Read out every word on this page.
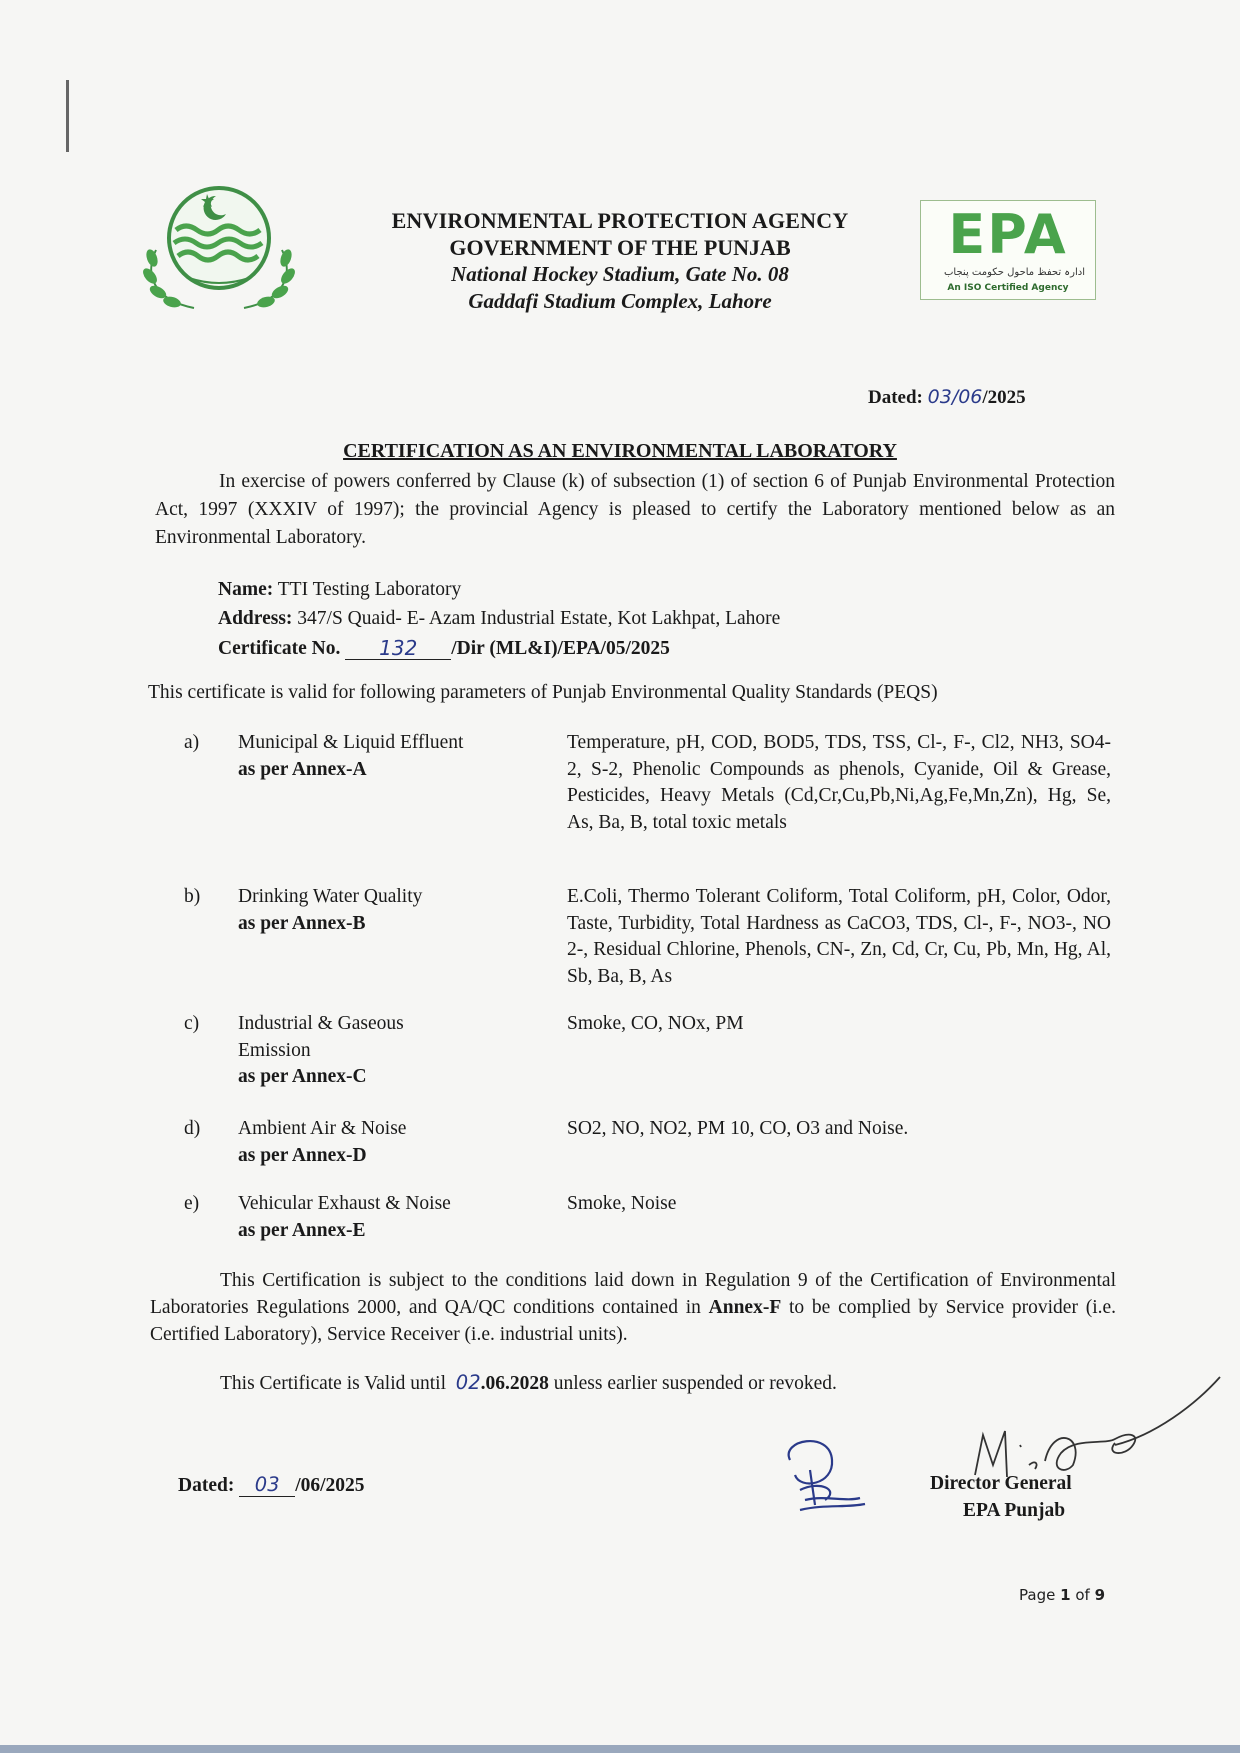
ENVIRONMENTAL PROTECTION AGENCY
GOVERNMENT OF THE PUNJAB
National Hockey Stadium, Gate No. 08
Gaddafi Stadium Complex, Lahore
EPA
ادارہ تحفظ ماحول حکومت پنجاب
An ISO Certified Agency
Dated: 03/06/2025
CERTIFICATION AS AN ENVIRONMENTAL LABORATORY
In exercise of powers conferred by Clause (k) of subsection (1) of section 6 of Punjab Environmental Protection Act, 1997 (XXXIV of 1997); the provincial Agency is pleased to certify the Laboratory mentioned below as an Environmental Laboratory.
Name: TTI Testing Laboratory
Address: 347/S Quaid- E- Azam Industrial Estate, Kot Lakhpat, Lahore
Certificate No. 132 /Dir (ML&I)/EPA/05/2025
This certificate is valid for following parameters of Punjab Environmental Quality Standards (PEQS)
a) Municipal & Liquid Effluent
as per Annex-A
Temperature, pH, COD, BOD5, TDS, TSS, Cl-, F-, Cl2, NH3, SO4-2, S-2, Phenolic Compounds as phenols, Cyanide, Oil & Grease, Pesticides, Heavy Metals (Cd,Cr,Cu,Pb,Ni,Ag,Fe,Mn,Zn), Hg, Se, As, Ba, B, total toxic metals
b) Drinking Water Quality
as per Annex-B
E.Coli, Thermo Tolerant Coliform, Total Coliform, pH, Color, Odor, Taste, Turbidity, Total Hardness as CaCO3, TDS, Cl-, F-, NO3-, NO 2-, Residual Chlorine, Phenols, CN-, Zn, Cd, Cr, Cu, Pb, Mn, Hg, Al, Sb, Ba, B, As
c) Industrial & Gaseous
Emission
as per Annex-C
Smoke, CO, NOx, PM
d) Ambient Air & Noise
as per Annex-D
SO2, NO, NO2, PM 10, CO, O3 and Noise.
e) Vehicular Exhaust & Noise
as per Annex-E
Smoke, Noise
This Certification is subject to the conditions laid down in Regulation 9 of the Certification of Environmental Laboratories Regulations 2000, and QA/QC conditions contained in Annex-F to be complied by Service provider (i.e. Certified Laboratory), Service Receiver (i.e. industrial units).
This Certificate is Valid until 02.06.2028 unless earlier suspended or revoked.
Dated: 03 /06/2025	Director General
EPA Punjab
Page 1 of 9
